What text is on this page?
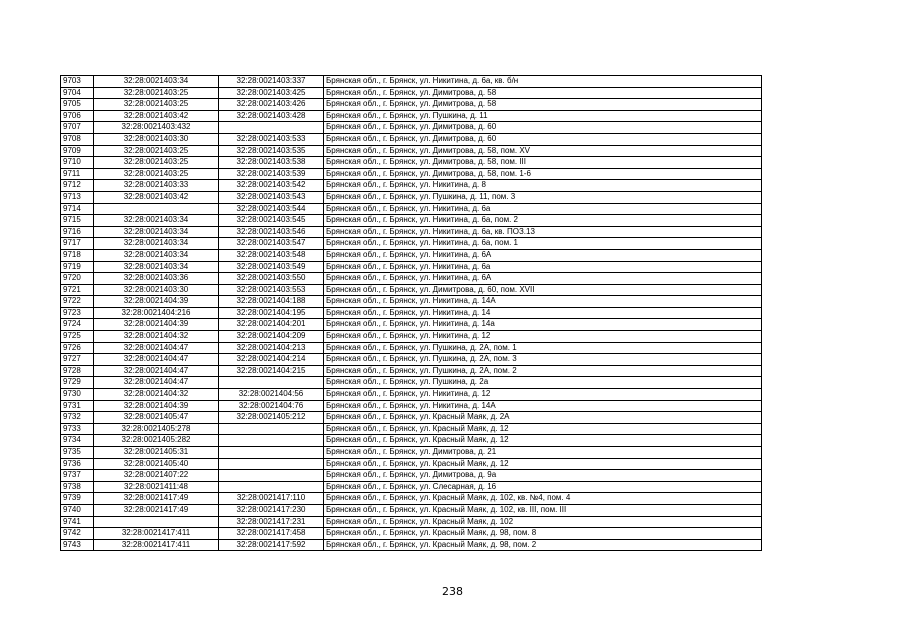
9703	32:28:0021403:34	32:28:0021403:337	Брянская обл., г. Брянск, ул. Никитина, д. 6а, кв. б/н
9704	32:28:0021403:25	32:28:0021403:425	Брянская обл., г. Брянск, ул. Димитрова, д. 58
9705	32:28:0021403:25	32:28:0021403:426	Брянская обл., г. Брянск, ул. Димитрова, д. 58
9706	32:28:0021403:42	32:28:0021403:428	Брянская обл., г. Брянск, ул. Пушкина, д. 11
9707	32:28:0021403:432		Брянская обл., г. Брянск, ул. Димитрова, д. 60
9708	32:28:0021403:30	32:28:0021403:533	Брянская обл., г. Брянск, ул. Димитрова, д. 60
9709	32:28:0021403:25	32:28:0021403:535	Брянская обл., г. Брянск, ул. Димитрова, д. 58, пом. XV
9710	32:28:0021403:25	32:28:0021403:538	Брянская обл., г. Брянск, ул. Димитрова, д. 58, пом. III
9711	32:28:0021403:25	32:28:0021403:539	Брянская обл., г. Брянск, ул. Димитрова, д. 58, пом. 1-6
9712	32:28:0021403:33	32:28:0021403:542	Брянская обл., г. Брянск, ул. Никитина, д. 8
9713	32:28:0021403:42	32:28:0021403:543	Брянская обл., г. Брянск, ул. Пушкина, д. 11, пом. 3
9714		32:28:0021403:544	Брянская обл., г. Брянск, ул. Никитина, д. 6а
9715	32:28:0021403:34	32:28:0021403:545	Брянская обл., г. Брянск, ул. Никитина, д. 6а, пом. 2
9716	32:28:0021403:34	32:28:0021403:546	Брянская обл., г. Брянск, ул. Никитина, д. 6а, кв. ПОЗ.13
9717	32:28:0021403:34	32:28:0021403:547	Брянская обл., г. Брянск, ул. Никитина, д. 6а, пом. 1
9718	32:28:0021403:34	32:28:0021403:548	Брянская обл., г. Брянск, ул. Никитина, д. 6А
9719	32:28:0021403:34	32:28:0021403:549	Брянская обл., г. Брянск, ул. Никитина, д. 6а
9720	32:28:0021403:36	32:28:0021403:550	Брянская обл., г. Брянск, ул. Никитина, д. 6А
9721	32:28:0021403:30	32:28:0021403:553	Брянская обл., г. Брянск, ул. Димитрова, д. 60, пом. XVII
9722	32:28:0021404:39	32:28:0021404:188	Брянская обл., г. Брянск, ул. Никитина, д. 14А
9723	32:28:0021404:216	32:28:0021404:195	Брянская обл., г. Брянск, ул. Никитина, д. 14
9724	32:28:0021404:39	32:28:0021404:201	Брянская обл., г. Брянск, ул. Никитина, д. 14а
9725	32:28:0021404:32	32:28:0021404:209	Брянская обл., г. Брянск, ул. Никитина, д. 12
9726	32:28:0021404:47	32:28:0021404:213	Брянская обл., г. Брянск, ул. Пушкина, д. 2А, пом. 1
9727	32:28:0021404:47	32:28:0021404:214	Брянская обл., г. Брянск, ул. Пушкина, д. 2А, пом. 3
9728	32:28:0021404:47	32:28:0021404:215	Брянская обл., г. Брянск, ул. Пушкина, д. 2А, пом. 2
9729	32:28:0021404:47		Брянская обл., г. Брянск, ул. Пушкина, д. 2а
9730	32:28:0021404:32	32:28:0021404:56	Брянская обл., г. Брянск, ул. Никитина, д. 12
9731	32:28:0021404:39	32:28:0021404:76	Брянская обл., г. Брянск, ул. Никитина, д. 14А
9732	32:28:0021405:47	32:28:0021405:212	Брянская обл., г. Брянск, ул. Красный Маяк, д. 2А
9733	32:28:0021405:278		Брянская обл., г. Брянск, ул. Красный Маяк, д. 12
9734	32:28:0021405:282		Брянская обл., г. Брянск, ул. Красный Маяк, д. 12
9735	32:28:0021405:31		Брянская обл., г. Брянск, ул. Димитрова, д. 21
9736	32:28:0021405:40		Брянская обл., г. Брянск, ул. Красный Маяк, д. 12
9737	32:28:0021407:22		Брянская обл., г. Брянск, ул. Димитрова, д. 9а
9738	32:28:0021411:48		Брянская обл., г. Брянск, ул. Слесарная, д. 16
9739	32:28:0021417:49	32:28:0021417:110	Брянская обл., г. Брянск, ул. Красный Маяк, д. 102, кв. №4, пом. 4
9740	32:28:0021417:49	32:28:0021417:230	Брянская обл., г. Брянск, ул. Красный Маяк, д. 102, кв. III, пом. III
9741		32:28:0021417:231	Брянская обл., г. Брянск, ул. Красный Маяк, д. 102
9742	32:28:0021417:411	32:28:0021417:458	Брянская обл., г. Брянск, ул. Красный Маяк, д. 98, пом. 8
9743	32:28:0021417:411	32:28:0021417:592	Брянская обл., г. Брянск, ул. Красный Маяк, д. 98, пом. 2
238
